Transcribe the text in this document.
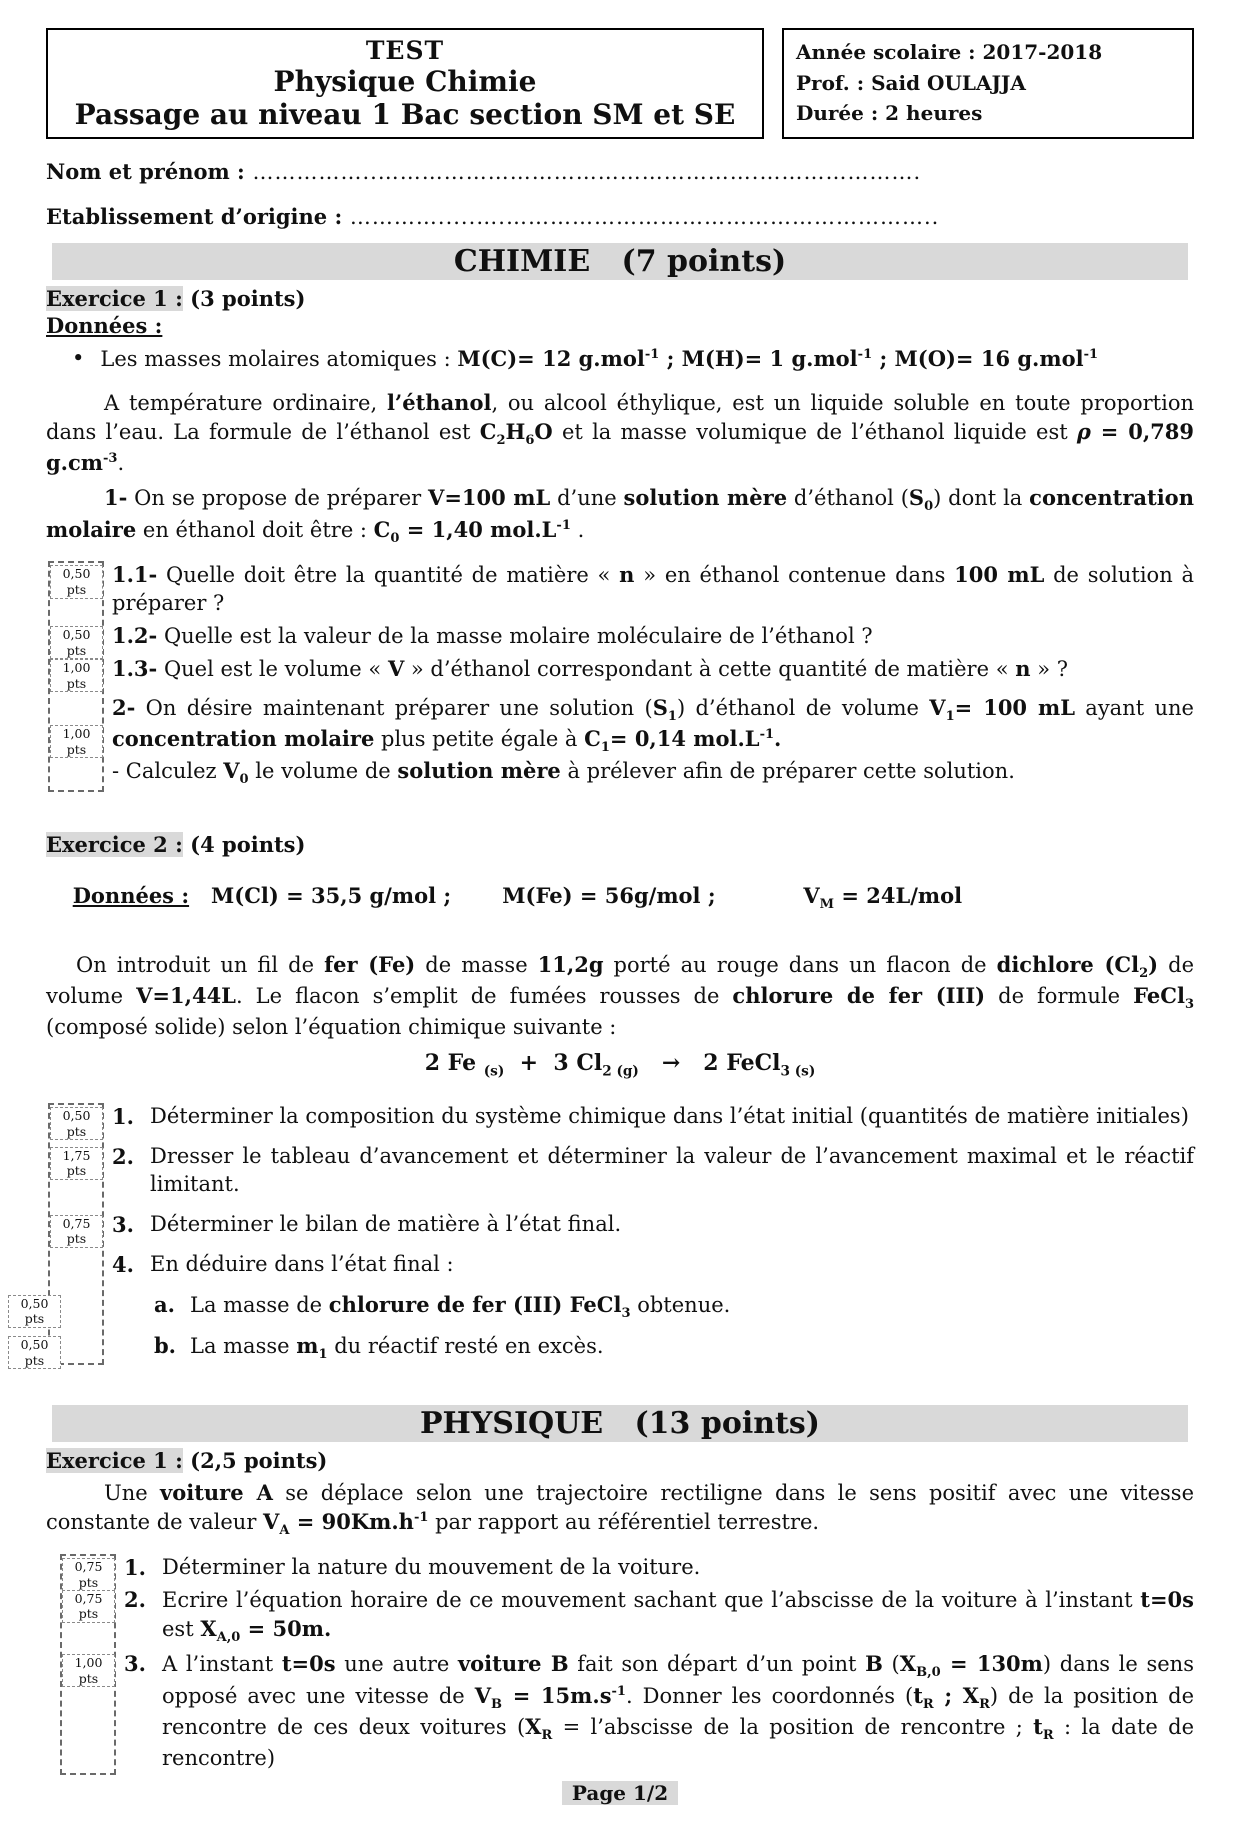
TEST
Physique Chimie
Passage au niveau 1 Bac section SM et SE
Année scolaire : 2017-2018
Prof. : Said OULAJJA
Durée : 2 heures
Nom et prénom : ……………..…………………………………………….………………….
Etablissement d’origine : ………….....….…………………………………………………..
CHIMIE   (7 points)
Exercice 1 : (3 points)
Données :
• Les masses molaires atomiques : M(C)= 12 g.mol$^{-1}$ ; M(H)= 1 g.mol$^{-1}$ ; M(O)= 16 g.mol$^{-1}$
A température ordinaire, l’éthanol, ou alcool éthylique, est un liquide soluble en toute proportion dans l’eau. La formule de l’éthanol est $C_2H_6O$ et la masse volumique de l’éthanol liquide est ρ = 0,789 $g.cm^{-3}$.
1- On se propose de préparer V=100 mL d’une solution mère d’éthanol $(S_0)$ dont la concentration molaire en éthanol doit être : $C_0 = 1,40$ $mol.L^{-1}$ .
0,50 pts
1.1- Quelle doit être la quantité de matière « n » en éthanol contenue dans 100 mL de solution à préparer ?
0,50 pts
1.2- Quelle est la valeur de la masse molaire moléculaire de l’éthanol ?
1,00 pts
1.3- Quel est le volume « V » d’éthanol correspondant à cette quantité de matière « n » ?
1,00 pts
2- On désire maintenant préparer une solution $(S_1)$ d’éthanol de volume $V_1= 100$ mL ayant une concentration molaire plus petite égale à $C_1= 0,14$ $mol.L^{-1}$.
- Calculez $V_0$ le volume de solution mère à prélever afin de préparer cette solution.
Exercice 2 : (4 points)

Données :   M(Cl) = 35,5 g/mol ;       M(Fe) = 56g/mol ;            $V_M = 24L/mol$

On introduit un fil de fer (Fe) de masse 11,2g porté au rouge dans un flacon de dichlore $(Cl_2)$ de volume V=1,44L. Le flacon s’emplit de fumées rousses de chlorure de fer (III) de formule FeCl$_3$ (composé solide) selon l’équation chimique suivante :
2 Fe $_{(s)}$  +  3 $Cl_{2 (g)} \to 2$ FeCl$_{3 (s)}$
0,50 pts
1. Déterminer la composition du système chimique dans l’état initial (quantités de matière initiales)
1,75 pts
2. Dresser le tableau d’avancement et déterminer la valeur de l’avancement maximal et le réactif limitant.
0,75 pts
3. Déterminer le bilan de matière à l’état final.
4. En déduire dans l’état final :
0,50 pts
a. La masse de chlorure de fer (III) FeCl$_3$ obtenue.
0,50 pts
b. La masse $m_1$ du réactif resté en excès.
PHYSIQUE   (13 points)
Exercice 1 : (2,5 points)
Une voiture A se déplace selon une trajectoire rectiligne dans le sens positif avec une vitesse constante de valeur $V_A = 90Km.h^{-1}$ par rapport au référentiel terrestre.
0,75 pts
1. Déterminer la nature du mouvement de la voiture.
0,75 pts
2. Ecrire l’équation horaire de ce mouvement sachant que l’abscisse de la voiture à l’instant t=0s est $X_{A,0} = 50m$.
1,00 pts
3. A l’instant t=0s une autre voiture B fait son départ d’un point B $(X_{B,0} = 130m)$ dans le sens opposé avec une vitesse de $V_B = 15m.s^{-1}$. Donner les coordonnés ($t_R$ ; $X_R$) de la position de rencontre de ces deux voitures ($X_R$ = l’abscisse de la position de rencontre ; $t_R$ : la date de rencontre)
Page 1/2
